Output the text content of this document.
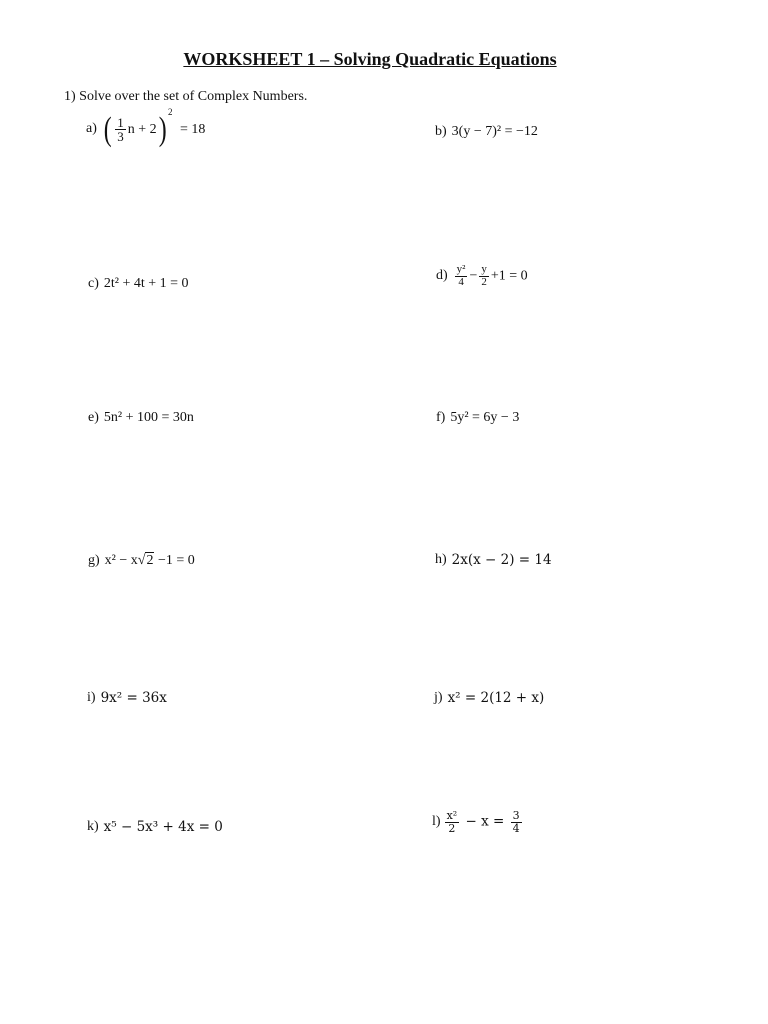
WORKSHEET 1 – Solving Quadratic Equations
1) Solve over the set of Complex Numbers.
a) ( $\frac{1}{3}$ n + 2) $^2$ = 18	b) 3(y − 7)² = −12
c) 2t² + 4t + 1 = 0
$d) \frac{\text{y²}}{4} - \frac{y}{2} +1 = 0$
e) 5n² + 100 = 30n	f) 5y² = 6y − 3
g) x² − x√2 −1 = 0	h) 2x(x − 2) = 14
i) 9x² = 36x	j) x² = 2(12 + x)
k) x⁵ − 5x³ + 4x = 0	$l) \frac{\text{x²}}{2} - x = \frac{3}{4}$
